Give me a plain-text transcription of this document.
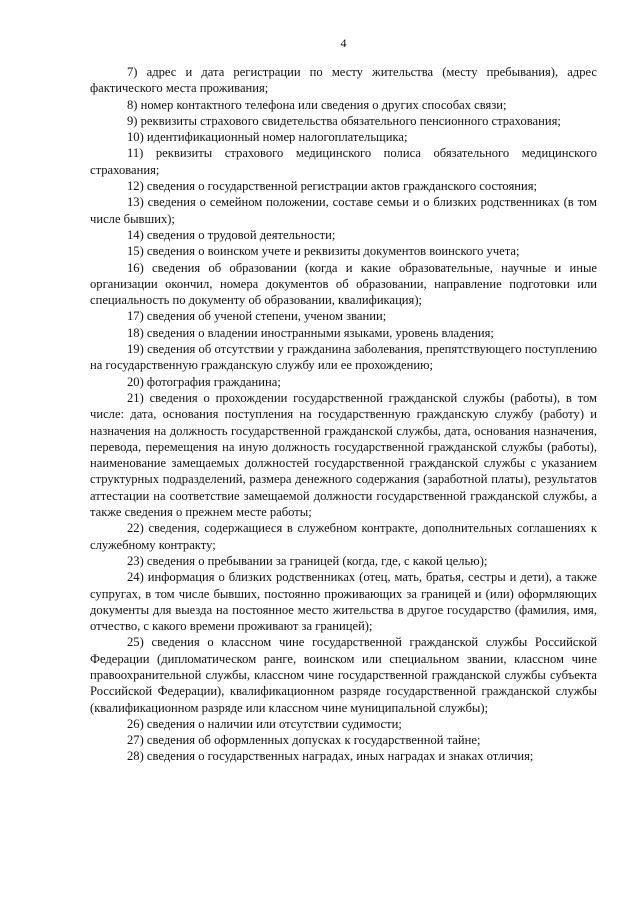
4

7) адрес и дата регистрации по месту жительства (месту пребывания), адрес фактического места проживания;

8) номер контактного телефона или сведения о других способах связи;

9) реквизиты страхового свидетельства обязательного пенсионного страхования;

10) идентификационный номер налогоплательщика;

11) реквизиты страхового медицинского полиса обязательного медицинского страхования;

12) сведения о государственной регистрации актов гражданского состояния;

13) сведения о семейном положении, составе семьи и о близких родственниках (в том числе бывших);

14) сведения о трудовой деятельности;

15) сведения о воинском учете и реквизиты документов воинского учета;

16) сведения об образовании (когда и какие образовательные, научные и иные организации окончил, номера документов об образовании, направление подготовки или специальность по документу об образовании, квалификация);

17) сведения об ученой степени, ученом звании;

18) сведения о владении иностранными языками, уровень владения;

19) сведения об отсутствии у гражданина заболевания, препятствующего поступлению на государственную гражданскую службу или ее прохождению;

20) фотография гражданина;

21) сведения о прохождении государственной гражданской службы (работы), в том числе: дата, основания поступления на государственную гражданскую службу (работу) и назначения на должность государственной гражданской службы, дата, основания назначения, перевода, перемещения на иную должность государственной гражданской службы (работы), наименование замещаемых должностей государственной гражданской службы с указанием структурных подразделений, размера денежного содержания (заработной платы), результатов аттестации на соответствие замещаемой должности государственной гражданской службы, а также сведения о прежнем месте работы;

22) сведения, содержащиеся в служебном контракте, дополнительных соглашениях к служебному контракту;

23) сведения о пребывании за границей (когда, где, с какой целью);

24) информация о близких родственниках (отец, мать, братья, сестры и дети), а также супругах, в том числе бывших, постоянно проживающих за границей и (или) оформляющих документы для выезда на постоянное место жительства в другое государство (фамилия, имя, отчество, с какого времени проживают за границей);

25) сведения о классном чине государственной гражданской службы Российской Федерации (дипломатическом ранге, воинском или специальном звании, классном чине правоохранительной службы, классном чине государственной гражданской службы субъекта Российской Федерации), квалификационном разряде государственной гражданской службы (квалификационном разряде или классном чине муниципальной службы);

26) сведения о наличии или отсутствии судимости;

27) сведения об оформленных допусках к государственной тайне;

28) сведения о государственных наградах, иных наградах и знаках отличия;
